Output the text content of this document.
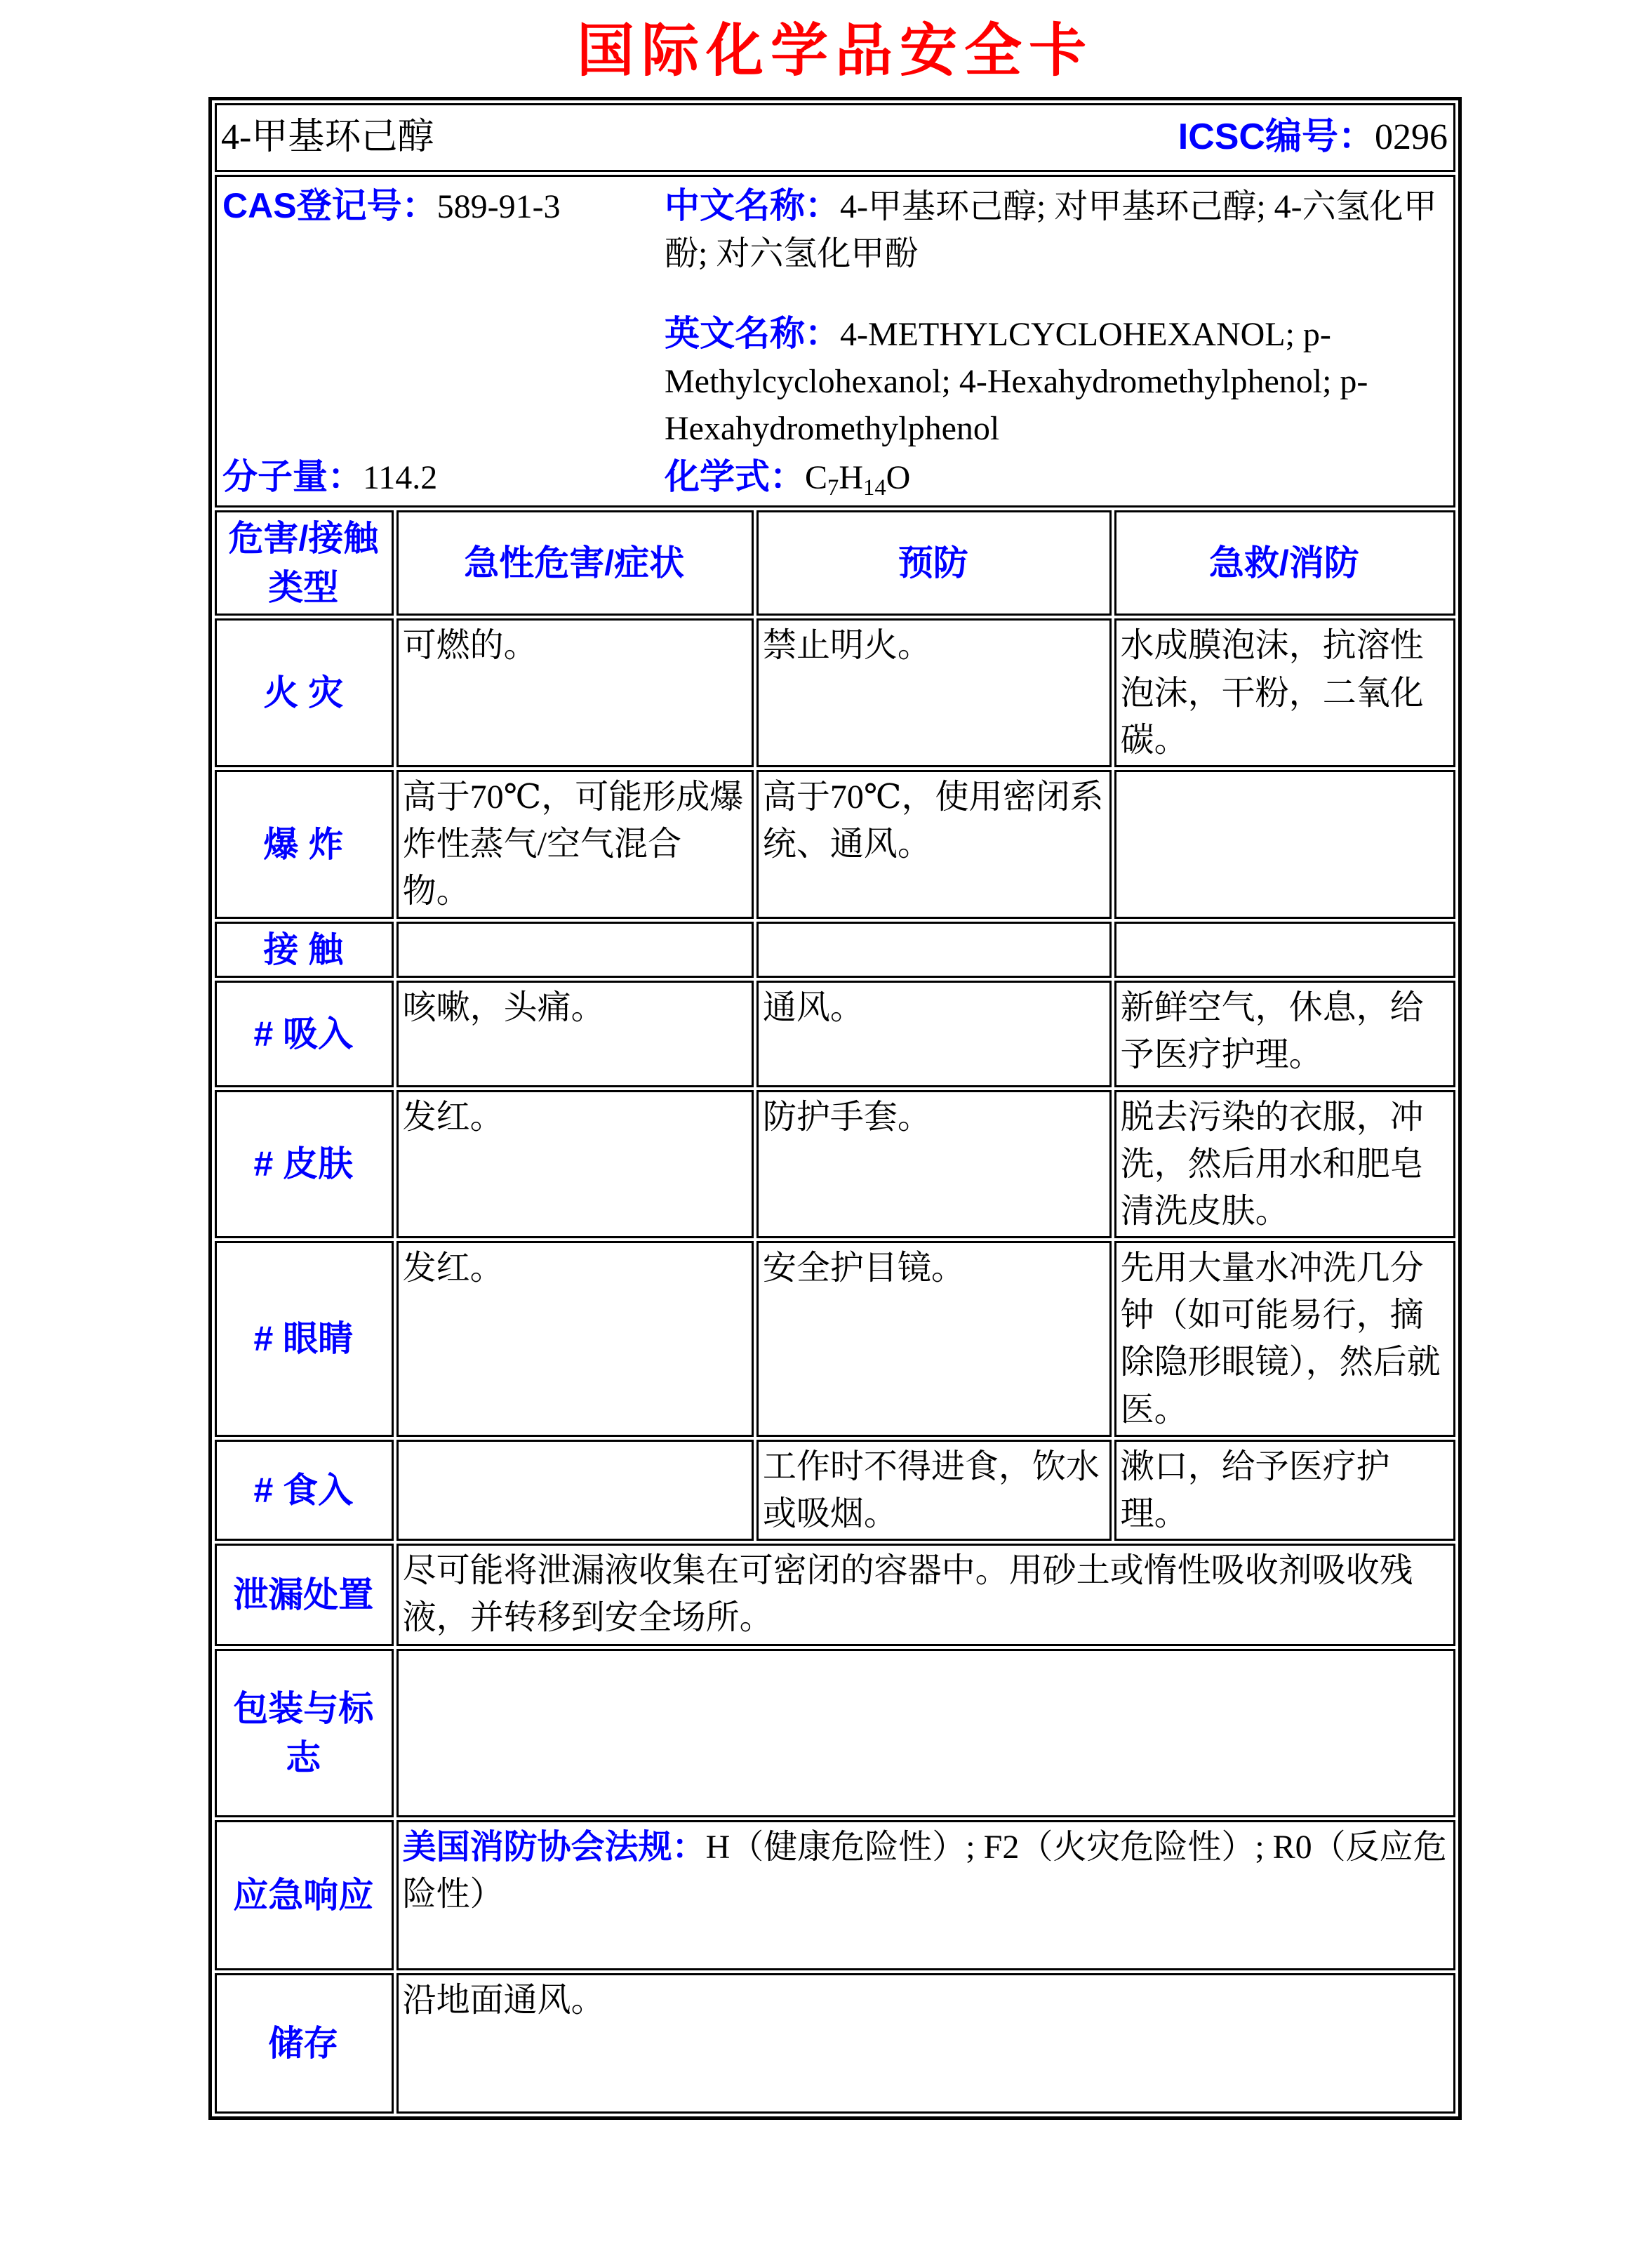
国际化学品安全卡
4-甲基环己醇 ICSC编号：0296			

CAS登记号：589-91-3 中文名称：4-甲基环己醇; 对甲基环己醇; 4-六氢化甲酚; 对六氢化甲酚
英文名称：4-METHYLCYCLOHEXANOL; p-Methylcyclohexanol; 4-Hexahydromethylphenol; p-Hexahydromethylphenol
分子量：114.2 化学式：$C_7H_{14}O$			

危害/接触
类型	急性危害/症状	预防	急救/消防
火 灾	可燃的。	禁止明火。	水成膜泡沫，抗溶性泡沫，干粉，二氧化碳。
爆 炸	高于70℃，可能形成爆炸性蒸气/空气混合物。	高于70℃，使用密闭系统、通风。	
接 触			
# 吸入	咳嗽，头痛。	通风。	新鲜空气，休息，给予医疗护理。
# 皮肤	发红。	防护手套。	脱去污染的衣服，冲洗，然后用水和肥皂清洗皮肤。
# 眼睛	发红。	安全护目镜。	先用大量水冲洗几分钟（如可能易行，摘除隐形眼镜），然后就医。
# 食入		工作时不得进食，饮水或吸烟。	漱口，给予医疗护理。
泄漏处置	尽可能将泄漏液收集在可密闭的容器中。用砂土或惰性吸收剂吸收残液，并转移到安全场所。		
包装与标志			
应急响应	美国消防协会法规：H（健康危险性）; F2（火灾危险性）; R0（反应危险性）		
储存	沿地面通风。		
